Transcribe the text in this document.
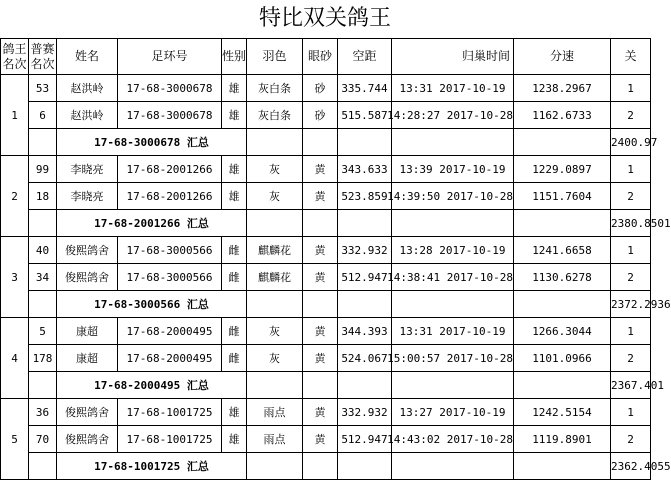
特比双关鸽王
鸽王名次	普赛名次	姓名	足环号	性别	羽色	眼砂	空距	归巢时间	分速	关	
1	53	赵洪岭	17-68-3000678	雄	灰白条	砂	335.744	2017-10-19 13:31	1238.2967	1	
	6	赵洪岭	17-68-3000678	雄	灰白条	砂	515.587	2017-10-28 14:28:27	1162.6733	2	
		17-68-3000678 汇总								2400.97	
2	99	李晓亮	17-68-2001266	雄	灰	黄	343.633	2017-10-19 13:39	1229.0897	1	
	18	李晓亮	17-68-2001266	雄	灰	黄	523.859	2017-10-28 14:39:50	1151.7604	2	
		17-68-2001266 汇总								2380.8501	
3	40	俊熙鸽舍	17-68-3000566	雌	麒麟花	黄	332.932	2017-10-19 13:28	1241.6658	1	
	34	俊熙鸽舍	17-68-3000566	雌	麒麟花	黄	512.947	2017-10-28 14:38:41	1130.6278	2	
		17-68-3000566 汇总								2372.2936	
4	5	康超	17-68-2000495	雌	灰	黄	344.393	2017-10-19 13:31	1266.3044	1	
	178	康超	17-68-2000495	雌	灰	黄	524.067	2017-10-28 15:00:57	1101.0966	2	
		17-68-2000495 汇总								2367.401	
5	36	俊熙鸽舍	17-68-1001725	雄	雨点	黄	332.932	2017-10-19 13:27	1242.5154	1	
	70	俊熙鸽舍	17-68-1001725	雄	雨点	黄	512.947	2017-10-28 14:43:02	1119.8901	2	
		17-68-1001725 汇总								2362.4055	
